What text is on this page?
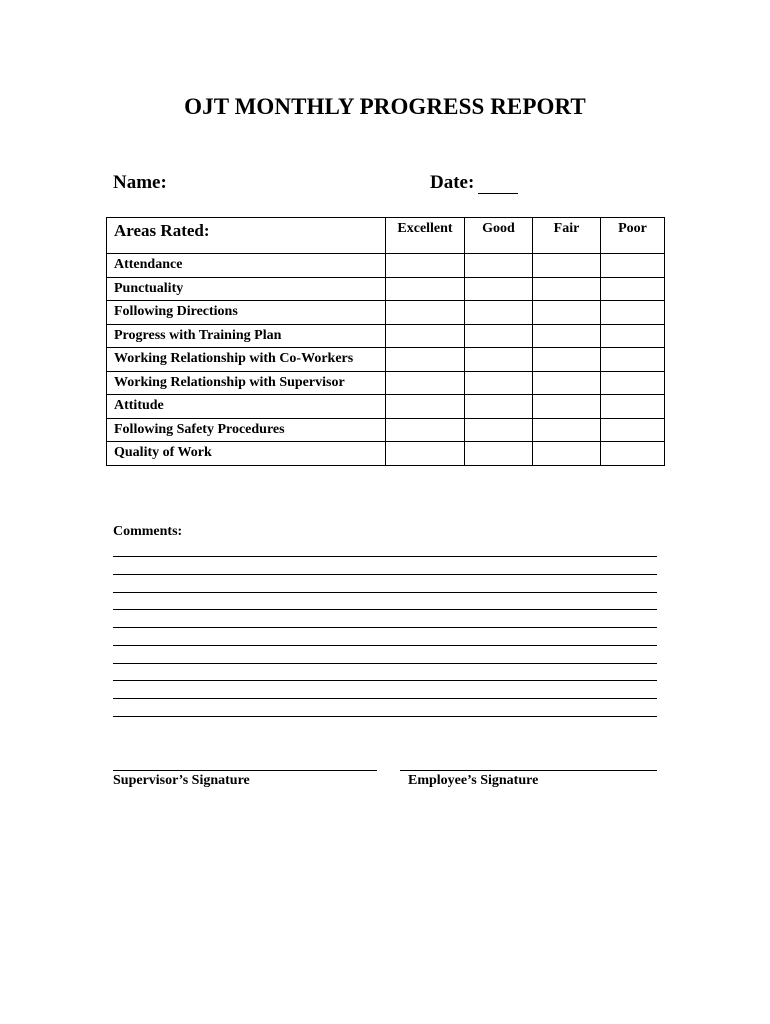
OJT MONTHLY PROGRESS REPORT
Name:	Date:
Areas Rated:	Excellent	Good	Fair	Poor
Attendance				
Punctuality				
Following Directions				
Progress with Training Plan				
Working Relationship with Co-Workers				
Working Relationship with Supervisor				
Attitude				
Following Safety Procedures				
Quality of Work				
Comments:
Supervisor’s Signature	Employee’s Signature
